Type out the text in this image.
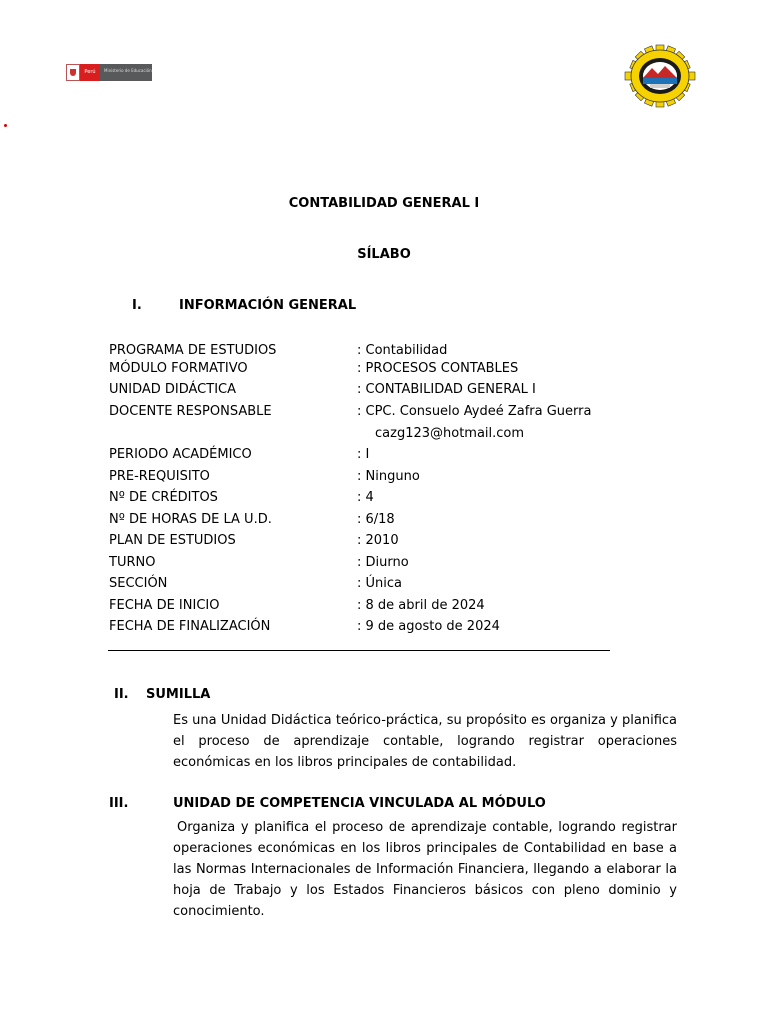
Perú	Ministerio de Educación
CONTABILIDAD GENERAL I
SÍLABO
I.	INFORMACIÓN GENERAL
PROGRAMA DE ESTUDIOS	: Contabilidad
MÓDULO FORMATIVO	: PROCESOS CONTABLES
UNIDAD DIDÁCTICA	: CONTABILIDAD GENERAL I
DOCENTE RESPONSABLE	: CPC. Consuelo Aydeé Zafra Guerra
cazg123@hotmail.com
PERIODO ACADÉMICO	: I
PRE-REQUISITO	: Ninguno
Nº DE CRÉDITOS	: 4
Nº DE HORAS DE LA U.D.	: 6/18
PLAN DE ESTUDIOS	: 2010
TURNO	: Diurno
SECCIÓN	: Única
FECHA DE INICIO	: 8 de abril de 2024
FECHA DE FINALIZACIÓN	: 9 de agosto de 2024
II. SUMILLA
Es una Unidad Didáctica teórico-práctica, su propósito es organiza y planifica el proceso de aprendizaje contable, logrando registrar operaciones económicas en los libros principales de contabilidad.
III.	UNIDAD DE COMPETENCIA VINCULADA AL MÓDULO
Organiza y planifica el proceso de aprendizaje contable, logrando registrar operaciones económicas en los libros principales de Contabilidad en base a las Normas Internacionales de Información Financiera, llegando a elaborar la hoja de Trabajo y los Estados Financieros básicos con pleno dominio y conocimiento.
